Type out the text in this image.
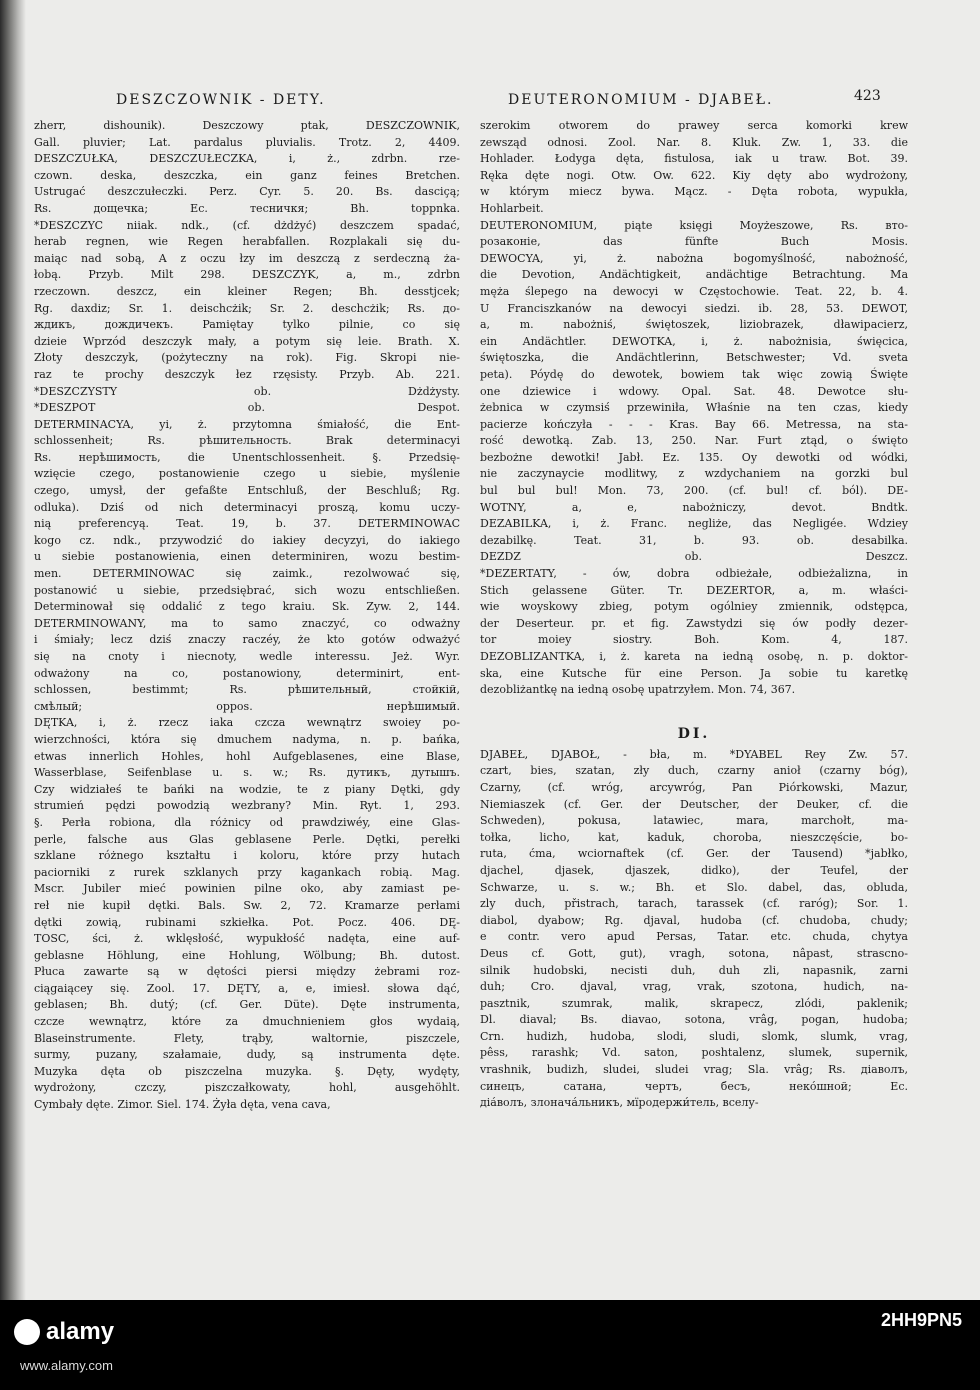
DESZCZOWNIK - DETY.	DEUTERONOMIUM - DJABEŁ.	423
zherr, dishounik). Deszczowy ptak, DESZCZOWNIK,
Gall. pluvier; Lat. pardalus pluvialis. Trotz. 2, 4409.
DESZCZUŁKA, DESZCZUŁECZKA, i, ż., zdrbn. rze-
czown. deska, deszczka, ein ganz feines Bretchen.
Ustrugać deszczułeczki. Perz. Cyr. 5. 20. Bs. dasciçą;
Rs. дощечка; Ec. тесничкя; Bh. toppnka.
*DESZCZYC niiak. ndk., (cf. dżdżyć) deszczem spadać,
herab regnen, wie Regen herabfallen. Rozplakali się du-
maiąc nad sobą, A z oczu łzy im deszczą z serdeczną ża-
łobą. Przyb. Milt 298. DESZCZYK, a, m., zdrbn
rzeczown. deszcz, ein kleiner Regen; Bh. desstjcek;
Rg. daxdiz; Sr. 1. deischcżik; Sr. 2. deschcżik; Rs. до-
ждикъ, дождичекъ. Pamiętay tylko pilnie, co się
dzieie Wprzód deszczyk mały, a potym się leie. Brath. X.
Złoty deszczyk, (pożyteczny na rok). Fig. Skropi nie-
raz te prochy deszczyk łez rzęsisty. Przyb. Ab. 221.
*DESZCZYSTY ob. Dżdżysty.
*DESZPOT ob. Despot.
DETERMINACYA, yi, ż. przytomna śmiałość, die Ent-
schlossenheit; Rs. рѣшительность. Brak determinacyi
Rs. нерѣшимость, die Unentschlossenheit. §. Przedsię-
wzięcie czego, postanowienie czego u siebie, myślenie
czego, umysł, der gefaßte Entschluß, der Beschluß; Rg.
odluka). Dziś od nich determinacyi proszą, komu uczy-
nią preferencyą. Teat. 19, b. 37. DETERMINOWAC
kogo cz. ndk., przywodzić do iakiey decyzyi, do iakiego
u siebie postanowienia, einen determiniren, wozu bestim-
men. DETERMINOWAC się zaimk., rezolwować się,
postanowić u siebie, przedsiębrać, sich wozu entschließen.
Determinował się oddalić z tego kraiu. Sk. Zyw. 2, 144.
DETERMINOWANY, ma to samo znaczyć, co odważny
i śmiały; lecz dziś znaczy raczéy, że kto gotów odważyć
się na cnoty i niecnoty, wedle interessu. Jeż. Wyr.
odważony na co, postanowiony, determinirt, ent-
schlossen, bestimmt; Rs. рѣшительный, стойкій,
смѣлый; oppos. нерѣшимый.
DĘTKA, i, ż. rzecz iaka czcza wewnątrz swoiey po-
wierzchności, która się dmuchem nadyma, n. p. bańka,
etwas innerlich Hohles, hohl Aufgeblasenes, eine Blase,
Wasserblase, Seifenblase u. s. w.; Rs. дутикъ, дутышъ.
Czy widziałeś te bańki na wodzie, te z piany Dętki, gdy
strumień pędzi powodzią wezbrany? Min. Ryt. 1, 293.
§. Perła robiona, dla różnicy od prawdziwéy, eine Glas-
perle, falsche aus Glas geblasene Perle. Dętki, perełki
szklane różnego kształtu i koloru, które przy hutach
paciorniki z rurek szklanych przy kagankach robią. Mag.
Mscr. Jubiler mieć powinien pilne oko, aby zamiast pe-
reł nie kupił dętki. Bals. Sw. 2, 72. Kramarze perłami
dętki zowią, rubinami szkiełka. Pot. Pocz. 406. DĘ-
TOSC, ści, ż. wklęsłość, wypukłość nadęta, eine auf-
geblasne Höhlung, eine Hohlung, Wölbung; Bh. dutost.
Płuca zawarte są w dętości piersi między żebrami roz-
ciągaiącey się. Zool. 17. DĘTY, a, e, imiesł. słowa dąć,
geblasen; Bh. dutý; (cf. Ger. Düte). Dęte instrumenta,
czcze wewnątrz, które za dmuchnieniem głos wydaią,
Blaseinstrumente. Flety, trąby, waltornie, piszczele,
surmy, puzany, szałamaie, dudy, są instrumenta dęte.
Muzyka dęta ob piszczelna muzyka. §. Dęty, wydęty,
wydrożony, czczy, piszczałkowaty, hohl, ausgehöhlt.
Cymbały dęte. Zimor. Siel. 174. Żyła dęta, vena cava,
szerokim otworem do prawey serca komorki krew
zewsząd odnosi. Zool. Nar. 8. Kluk. Zw. 1, 33. die
Hohlader. Łodyga dęta, fistulosa, iak u traw. Bot. 39.
Ręka dęte nogi. Otw. Ow. 622. Kiy dęty abo wydrożony,
w którym miecz bywa. Mącz. - Dęta robota, wypukła,
Hohlarbeit.
DEUTERONOMIUM, piąte księgi Moyżeszowe, Rs. вто-
розаконіе, das fünfte Buch Mosis.
DEWOCYA, yi, ż. nabożna bogomyślność, nabożność,
die Devotion, Andächtigkeit, andächtige Betrachtung. Ma
męża ślepego na dewocyi w Częstochowie. Teat. 22, b. 4.
U Franciszkanów na dewocyi siedzi. ib. 28, 53. DEWOT,
a, m. nabożniś, świętoszek, liziobrazek, dławipacierz,
ein Andächtler. DEWOTKA, i, ż. nabożnisia, święcica,
świętoszka, die Andächtlerinn, Betschwester; Vd. sveta
peta). Póydę do dewotek, bowiem tak więc zowią Święte
one dziewice i wdowy. Opal. Sat. 48. Dewotce słu-
żebnica w czymsiś przewiniła, Właśnie na ten czas, kiedy
pacierze kończyła - - - Kras. Bay 66. Metressa, na sta-
rość dewotką. Zab. 13, 250. Nar. Furt ztąd, o święto
bezbożne dewotki! Jabł. Ez. 135. Oy dewotki od wódki,
nie zaczynaycie modlitwy, z wzdychaniem na gorzki bul
bul bul bul! Mon. 73, 200. (cf. bul! cf. ból). DE-
WOTNY, a, e, nabożniczy, devot. Bndtk.
DEZABILKA, i, ż. Franc. negliże, das Negligée. Wdziey
dezabilkę. Teat. 31, b. 93. ob. desabilka.
DEZDZ ob. Deszcz.
*DEZERTATY, - ów, dobra odbieżałe, odbieżalizna, in
Stich gelassene Güter. Tr. DEZERTOR, a, m. właści-
wie woyskowy zbieg, potym ogólniey zmiennik, odstępca,
der Deserteur. pr. et fig. Zawstydzi się ów podły dezer-
tor moiey siostry. Boh. Kom. 4, 187.
DEZOBLIZANTKA, i, ż. kareta na iedną osobę, n. p. doktor-
ska, eine Kutsche für eine Person. Ja sobie tu karetkę
dezobliżantkę na iedną osobę upatrzyłem. Mon. 74, 367.
DI.
DJABEŁ, DJABOŁ, - bła, m. *DYABEL Rey Zw. 57.
czart, bies, szatan, zły duch, czarny anioł (czarny bóg),
Czarny, (cf. wróg, arcywróg, Pan Piórkowski, Mazur,
Niemiaszek (cf. Ger. der Deutscher, der Deuker, cf. die
Schweden), pokusa, latawiec, mara, marchołt, ma-
tołka, licho, kat, kaduk, choroba, nieszczęście, bo-
ruta, ćma, wciornaftek (cf. Ger. der Tausend) *jabłko,
djachel, djasek, djaszek, didko), der Teufel, der
Schwarze, u. s. w.; Bh. et Slo. dabel, das, obluda,
zly duch, přistrach, tarach, tarassek (cf. raróg); Sor. 1.
diabol, dyabow; Rg. djaval, hudoba (cf. chudoba, chudy;
e contr. vero apud Persas, Tatar. etc. chuda, chytya
Deus cf. Gott, gut), vragh, sotona, nâpast, strascno-
silnik hudobski, necisti duh, duh zli, napasnik, zarni
duh; Cro. djaval, vrag, vrak, szotona, hudich, na-
pasztnik, szumrak, malik, skrapecz, zlódi, paklenik;
Dl. diaval; Bs. diavao, sotona, vrâg, pogan, hudoba;
Crn. hudizh, hudoba, slodi, sludi, slomk, slumk, vrag,
pêss, rarashk; Vd. saton, poshtalenz, slumek, supernik,
vrashnik, budizh, sludei, sludei vrag; Sla. vrâg; Rs. діаволъ,
синецъ, сатана, чертъ, бесъ, неко́шной; Ec.
діа́волъ, злонача́льникъ, мїродержи́тель, вселу-
alamy	2HH9PN5
www.alamy.com
